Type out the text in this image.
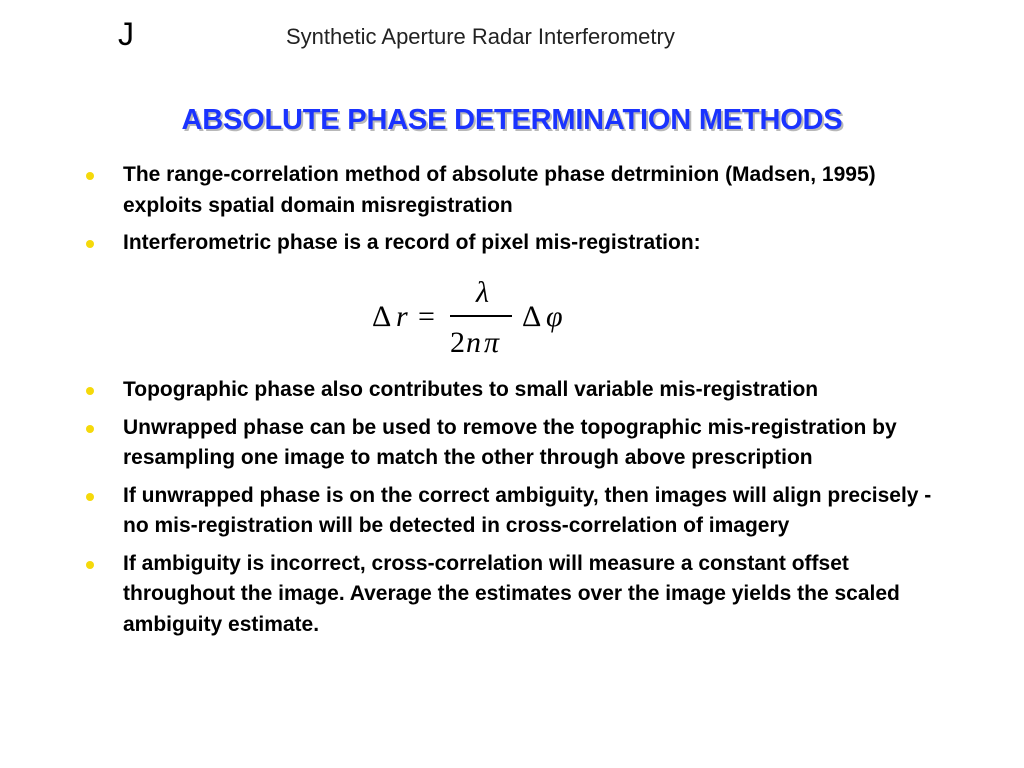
J	Synthetic Aperture Radar Interferometry
ABSOLUTE PHASE DETERMINATION METHODS
The range-correlation method of absolute phase detrminion (Madsen, 1995) exploits spatial domain misregistration
Interferometric phase is a record of pixel mis-registration:
Δ r =
λ
2 n π
Δ φ
Topographic phase also contributes to small variable mis-registration
Unwrapped phase can be used to remove the topographic mis-registration by resampling one image to match the other through above prescription
If unwrapped phase is on the correct ambiguity, then images will align precisely - no mis-registration will be detected in cross-correlation of imagery
If ambiguity is incorrect, cross-correlation will measure a constant offset throughout the image. Average the estimates over the image yields the scaled ambiguity estimate.
